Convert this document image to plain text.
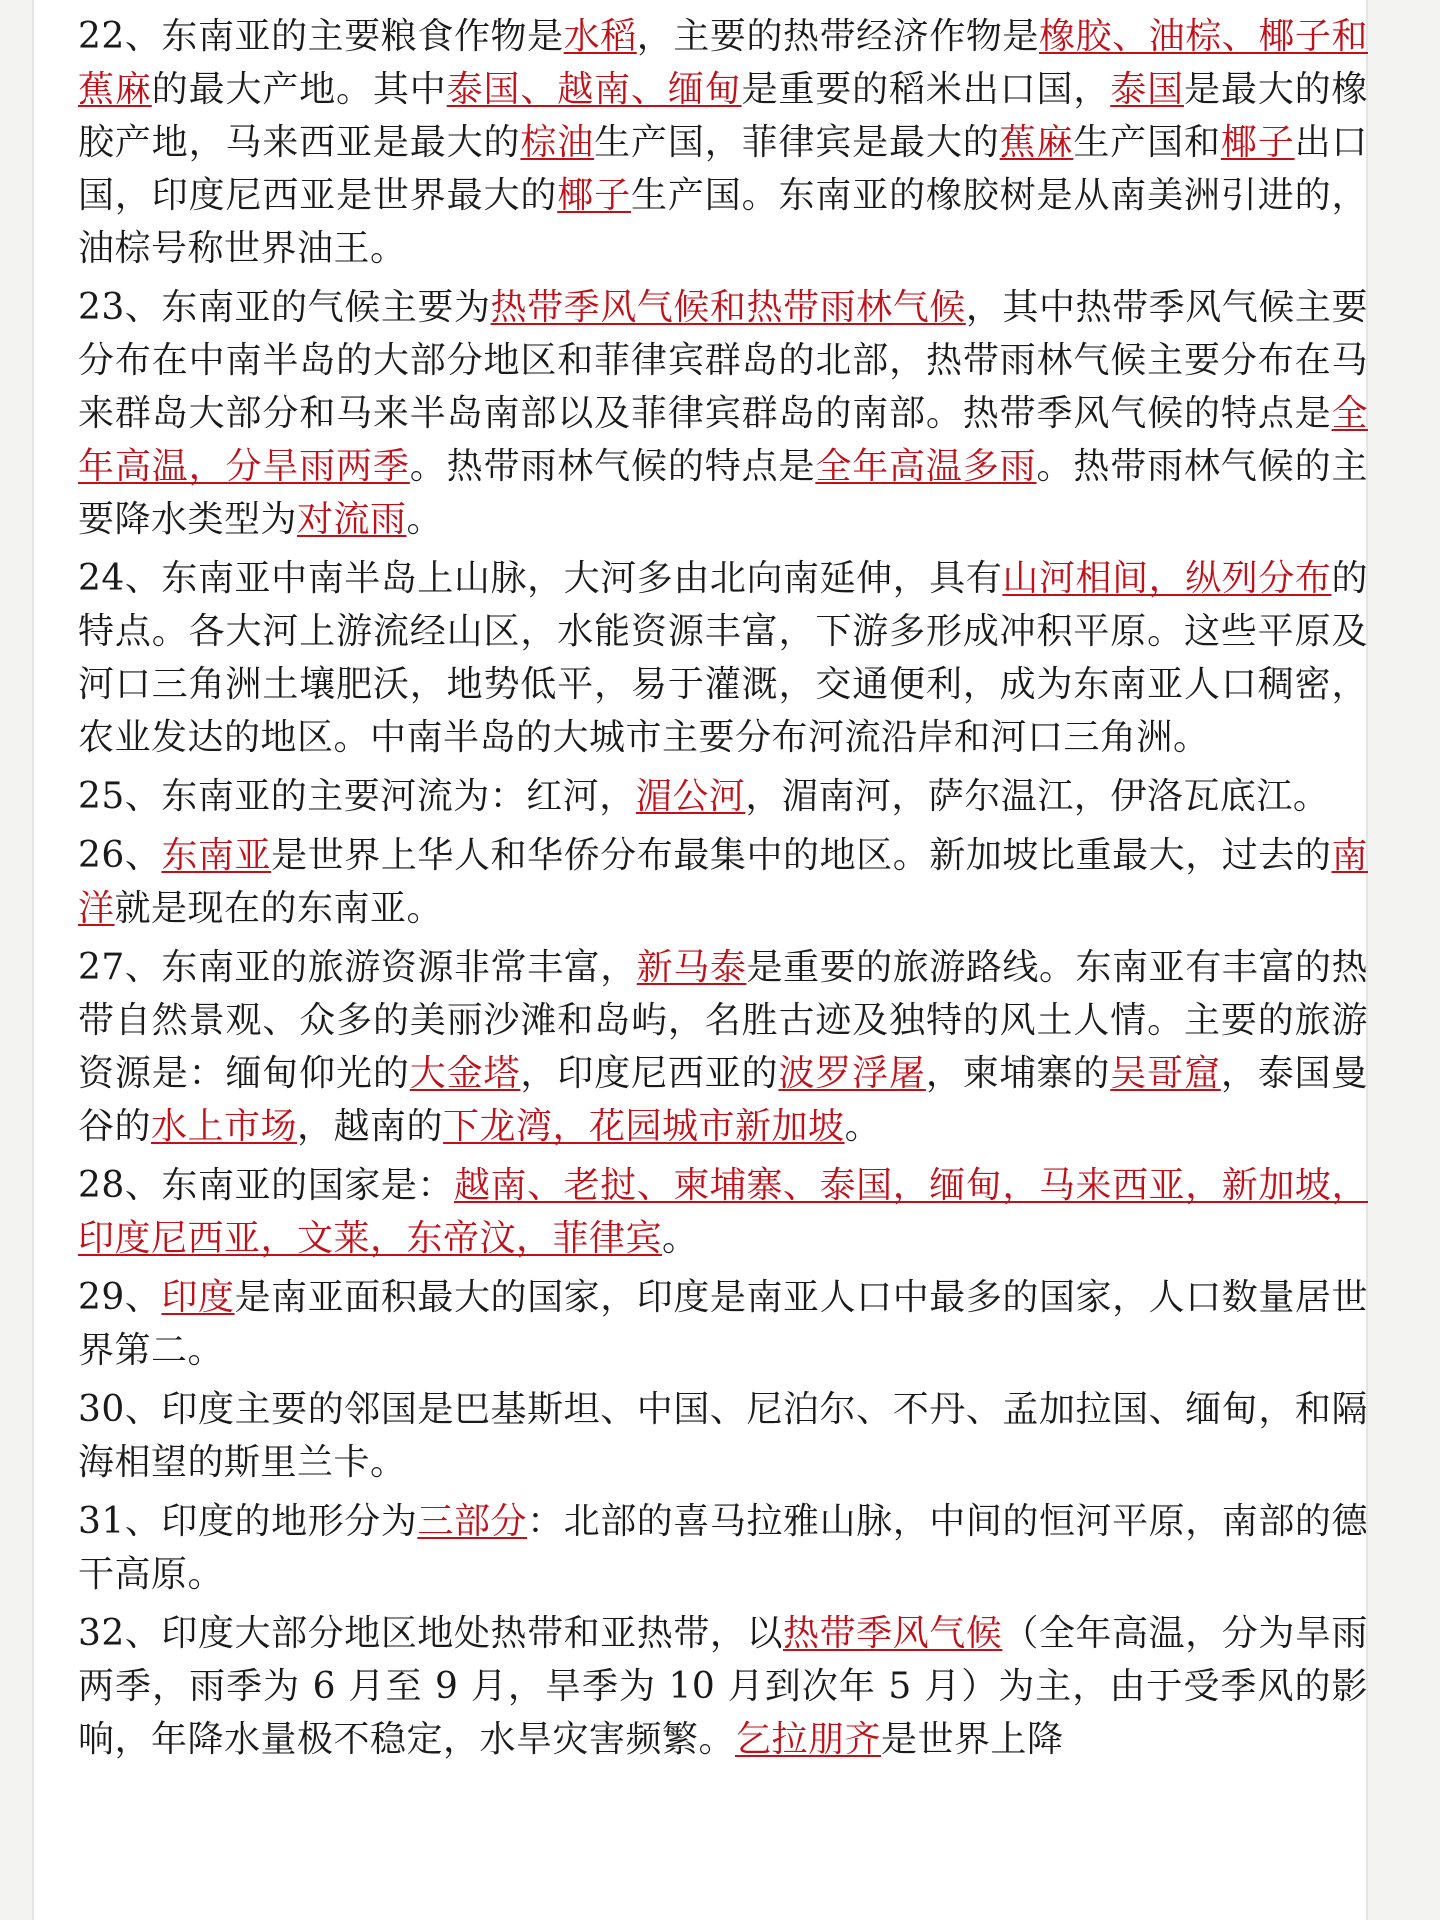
22、东南亚的主要粮食作物是水稻，主要的热带经济作物是橡胶、油棕、椰子和蕉麻的最大产地。其中泰国、越南、缅甸是重要的稻米出口国，泰国是最大的橡胶产地，马来西亚是最大的棕油生产国，菲律宾是最大的蕉麻生产国和椰子出口国，印度尼西亚是世界最大的椰子生产国。东南亚的橡胶树是从南美洲引进的，油棕号称世界油王。

23、东南亚的气候主要为热带季风气候和热带雨林气候，其中热带季风气候主要分布在中南半岛的大部分地区和菲律宾群岛的北部，热带雨林气候主要分布在马来群岛大部分和马来半岛南部以及菲律宾群岛的南部。热带季风气候的特点是全年高温，分旱雨两季。热带雨林气候的特点是全年高温多雨。热带雨林气候的主要降水类型为对流雨。

24、东南亚中南半岛上山脉，大河多由北向南延伸，具有山河相间，纵列分布的特点。各大河上游流经山区，水能资源丰富，下游多形成冲积平原。这些平原及河口三角洲土壤肥沃，地势低平，易于灌溉，交通便利，成为东南亚人口稠密，农业发达的地区。中南半岛的大城市主要分布河流沿岸和河口三角洲。

25、东南亚的主要河流为：红河，湄公河，湄南河，萨尔温江，伊洛瓦底江。

26、东南亚是世界上华人和华侨分布最集中的地区。新加坡比重最大，过去的南洋就是现在的东南亚。

27、东南亚的旅游资源非常丰富，新马泰是重要的旅游路线。东南亚有丰富的热带自然景观、众多的美丽沙滩和岛屿，名胜古迹及独特的风土人情。主要的旅游资源是：缅甸仰光的大金塔，印度尼西亚的波罗浮屠，柬埔寨的吴哥窟，泰国曼谷的水上市场，越南的下龙湾，花园城市新加坡。

28、东南亚的国家是：越南、老挝、柬埔寨、泰国，缅甸，马来西亚，新加坡，印度尼西亚，文莱，东帝汶，菲律宾。

29、印度是南亚面积最大的国家，印度是南亚人口中最多的国家，人口数量居世界第二。

30、印度主要的邻国是巴基斯坦、中国、尼泊尔、不丹、孟加拉国、缅甸，和隔海相望的斯里兰卡。

31、印度的地形分为三部分：北部的喜马拉雅山脉，中间的恒河平原，南部的德干高原。

32、印度大部分地区地处热带和亚热带，以热带季风气候（全年高温，分为旱雨两季，雨季为 6 月至 9 月，旱季为 10 月到次年 5 月）为主，由于受季风的影响，年降水量极不稳定，水旱灾害频繁。乞拉朋齐是世界上降
